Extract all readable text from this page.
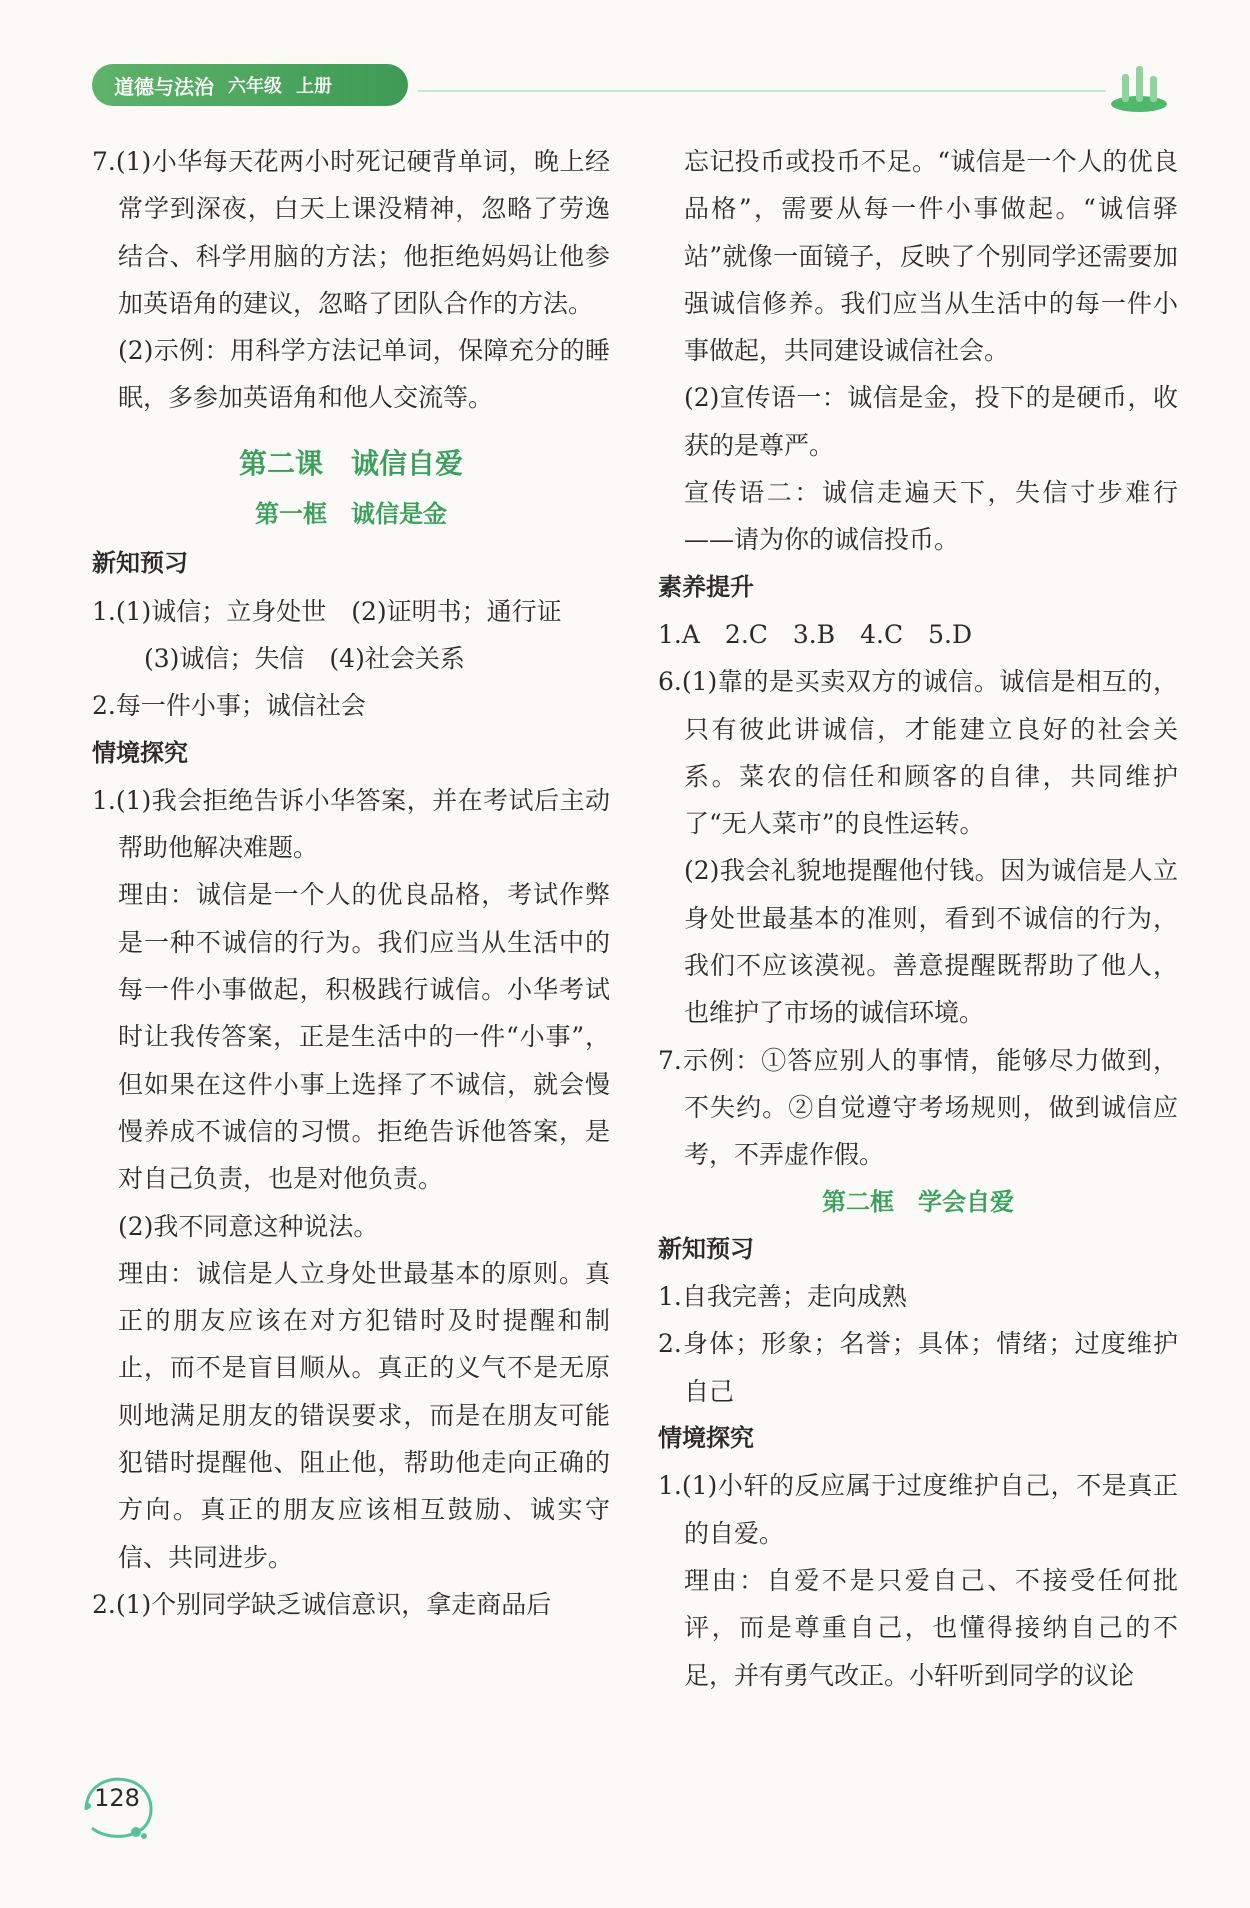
道德与法治 六年级 上册

7.(1)小华每天花两小时死记硬背单词，晚上经常学到深夜，白天上课没精神，忽略了劳逸结合、科学用脑的方法；他拒绝妈妈让他参加英语角的建议，忽略了团队合作的方法。

(2)示例：用科学方法记单词，保障充分的睡眠，多参加英语角和他人交流等。

第二课　诚信自爱

第一框　诚信是金

新知预习

1.(1)诚信；立身处世　(2)证明书；通行证

(3)诚信；失信　(4)社会关系

2.每一件小事；诚信社会

情境探究

1.(1)我会拒绝告诉小华答案，并在考试后主动帮助他解决难题。

理由：诚信是一个人的优良品格，考试作弊是一种不诚信的行为。我们应当从生活中的每一件小事做起，积极践行诚信。小华考试时让我传答案，正是生活中的一件“小事”，但如果在这件小事上选择了不诚信，就会慢慢养成不诚信的习惯。拒绝告诉他答案，是对自己负责，也是对他负责。

(2)我不同意这种说法。

理由：诚信是人立身处世最基本的原则。真正的朋友应该在对方犯错时及时提醒和制止，而不是盲目顺从。真正的义气不是无原则地满足朋友的错误要求，而是在朋友可能犯错时提醒他、阻止他，帮助他走向正确的方向。真正的朋友应该相互鼓励、诚实守信、共同进步。

2.(1)个别同学缺乏诚信意识，拿走商品后

忘记投币或投币不足。“诚信是一个人的优良品格”，需要从每一件小事做起。“诚信驿站”就像一面镜子，反映了个别同学还需要加强诚信修养。我们应当从生活中的每一件小事做起，共同建设诚信社会。

(2)宣传语一：诚信是金，投下的是硬币，收获的是尊严。

宣传语二：诚信走遍天下，失信寸步难行——请为你的诚信投币。

素养提升

1.A　2.C　3.B　4.C　5.D

6.(1)靠的是买卖双方的诚信。诚信是相互的，只有彼此讲诚信，才能建立良好的社会关系。菜农的信任和顾客的自律，共同维护了“无人菜市”的良性运转。

(2)我会礼貌地提醒他付钱。因为诚信是人立身处世最基本的准则，看到不诚信的行为，我们不应该漠视。善意提醒既帮助了他人，也维护了市场的诚信环境。

7.示例：①答应别人的事情，能够尽力做到，不失约。②自觉遵守考场规则，做到诚信应考，不弄虚作假。

第二框　学会自爱

新知预习

1.自我完善；走向成熟

2.身体；形象；名誉；具体；情绪；过度维护自己

情境探究

1.(1)小轩的反应属于过度维护自己，不是真正的自爱。

理由：自爱不是只爱自己、不接受任何批评，而是尊重自己，也懂得接纳自己的不足，并有勇气改正。小轩听到同学的议论

128
